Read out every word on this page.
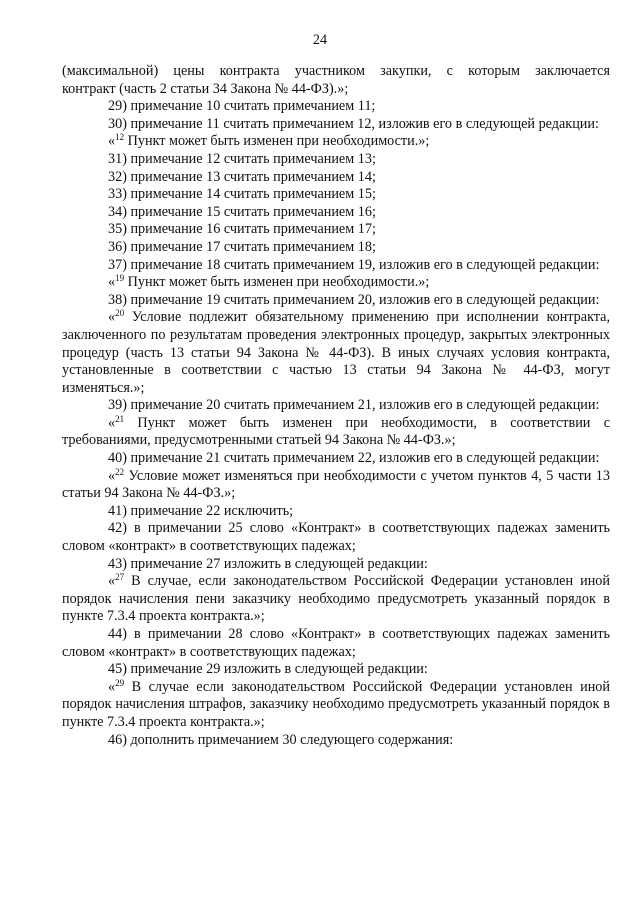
24

(максимальной) цены контракта участником закупки, с которым заключается

контракт (часть 2 статьи 34 Закона № 44-ФЗ).»;

29) примечание 10 считать примечанием 11;

30) примечание 11 считать примечанием 12, изложив его в следующей редакции:

«$^{12}$ Пункт может быть изменен при необходимости.»;

31) примечание 12 считать примечанием 13;

32) примечание 13 считать примечанием 14;

33) примечание 14 считать примечанием 15;

34) примечание 15 считать примечанием 16;

35) примечание 16 считать примечанием 17;

36) примечание 17 считать примечанием 18;

37) примечание 18 считать примечанием 19, изложив его в следующей редакции:

«$^{19}$ Пункт может быть изменен при необходимости.»;

38) примечание 19 считать примечанием 20, изложив его в следующей редакции:

«$^{20}$ Условие подлежит обязательному применению при исполнении контракта, заключенного по результатам проведения электронных процедур, закрытых электронных процедур (часть 13 статьи 94 Закона № 44-ФЗ). В иных случаях условия контракта, установленные в соответствии с частью 13 статьи 94 Закона № 44-ФЗ, могут изменяться.»;

39) примечание 20 считать примечанием 21, изложив его в следующей редакции:

«$^{21}$ Пункт может быть изменен при необходимости, в соответствии с требованиями, предусмотренными статьей 94 Закона № 44-ФЗ.»;

40) примечание 21 считать примечанием 22, изложив его в следующей редакции:

«$^{22}$ Условие может изменяться при необходимости с учетом пунктов 4, 5 части 13 статьи 94 Закона № 44-ФЗ.»;

41) примечание 22 исключить;

42) в примечании 25 слово «Контракт» в соответствующих падежах заменить словом «контракт» в соответствующих падежах;

43) примечание 27 изложить в следующей редакции:

«$^{27}$ В случае, если законодательством Российской Федерации установлен иной порядок начисления пени заказчику необходимо предусмотреть указанный порядок в пункте 7.3.4 проекта контракта.»;

44) в примечании 28 слово «Контракт» в соответствующих падежах заменить словом «контракт» в соответствующих падежах;

45) примечание 29 изложить в следующей редакции:

«$^{29}$ В случае если законодательством Российской Федерации установлен иной порядок начисления штрафов, заказчику необходимо предусмотреть указанный порядок в пункте 7.3.4 проекта контракта.»;

46) дополнить примечанием 30 следующего содержания:
